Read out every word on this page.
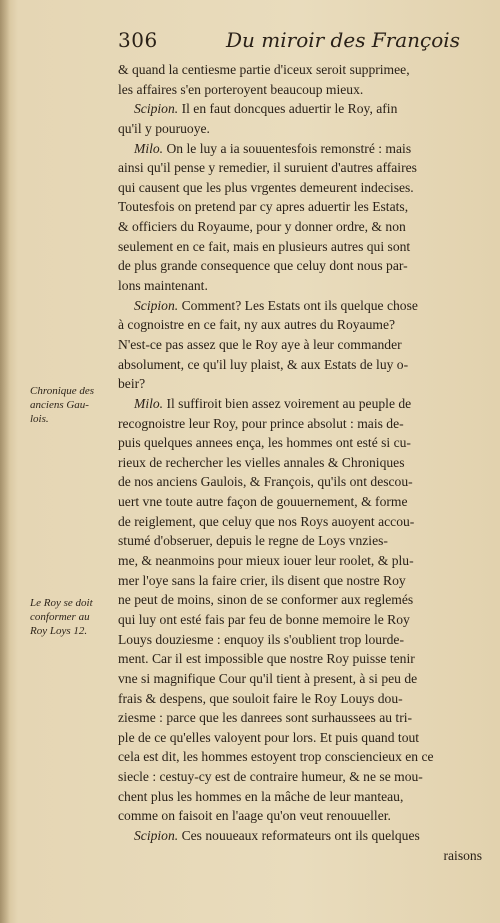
306	Du miroir des François
Chronique des
anciens Gau-
lois.
Le Roy se doit
conformer au
Roy Loys 12.
& quand la centiesme partie d'iceux seroit supprimee,
les affaires s'en porteroyent beaucoup mieux.
Scipion. Il en faut doncques aduertir le Roy, afin
qu'il y pouruoye.
Milo. On le luy a ia souuentesfois remonstré : mais
ainsi qu'il pense y remedier, il suruient d'autres affaires
qui causent que les plus vrgentes demeurent indecises.
Toutesfois on pretend par cy apres aduertir les Estats,
& officiers du Royaume, pour y donner ordre, & non
seulement en ce fait, mais en plusieurs autres qui sont
de plus grande consequence que celuy dont nous par-
lons maintenant.
Scipion. Comment? Les Estats ont ils quelque chose
à cognoistre en ce fait, ny aux autres du Royaume?
N'est-ce pas assez que le Roy aye à leur commander
absolument, ce qu'il luy plaist, & aux Estats de luy o-
beir?
Milo. Il suffiroit bien assez voirement au peuple de
recognoistre leur Roy, pour prince absolut : mais de-
puis quelques annees ença, les hommes ont esté si cu-
rieux de rechercher les vielles annales & Chroniques
de nos anciens Gaulois, & François, qu'ils ont descou-
uert vne toute autre façon de gouuernement, & forme
de reiglement, que celuy que nos Roys auoyent accou-
stumé d'obseruer, depuis le regne de Loys vnzies-
me, & neanmoins pour mieux iouer leur roolet, & plu-
mer l'oye sans la faire crier, ils disent que nostre Roy
ne peut de moins, sinon de se conformer aux reglemés
qui luy ont esté fais par feu de bonne memoire le Roy
Louys douziesme : enquoy ils s'oublient trop lourde-
ment. Car il est impossible que nostre Roy puisse tenir
vne si magnifique Cour qu'il tient à present, à si peu de
frais & despens, que souloit faire le Roy Louys dou-
ziesme : parce que les danrees sont surhaussees au tri-
ple de ce qu'elles valoyent pour lors. Et puis quand tout
cela est dit, les hommes estoyent trop consciencieux en ce
siecle : cestuy-cy est de contraire humeur, & ne se mou-
chent plus les hommes en la mâche de leur manteau,
comme on faisoit en l'aage qu'on veut renouueller.
Scipion. Ces nouueaux reformateurs ont ils quelques
raisons
